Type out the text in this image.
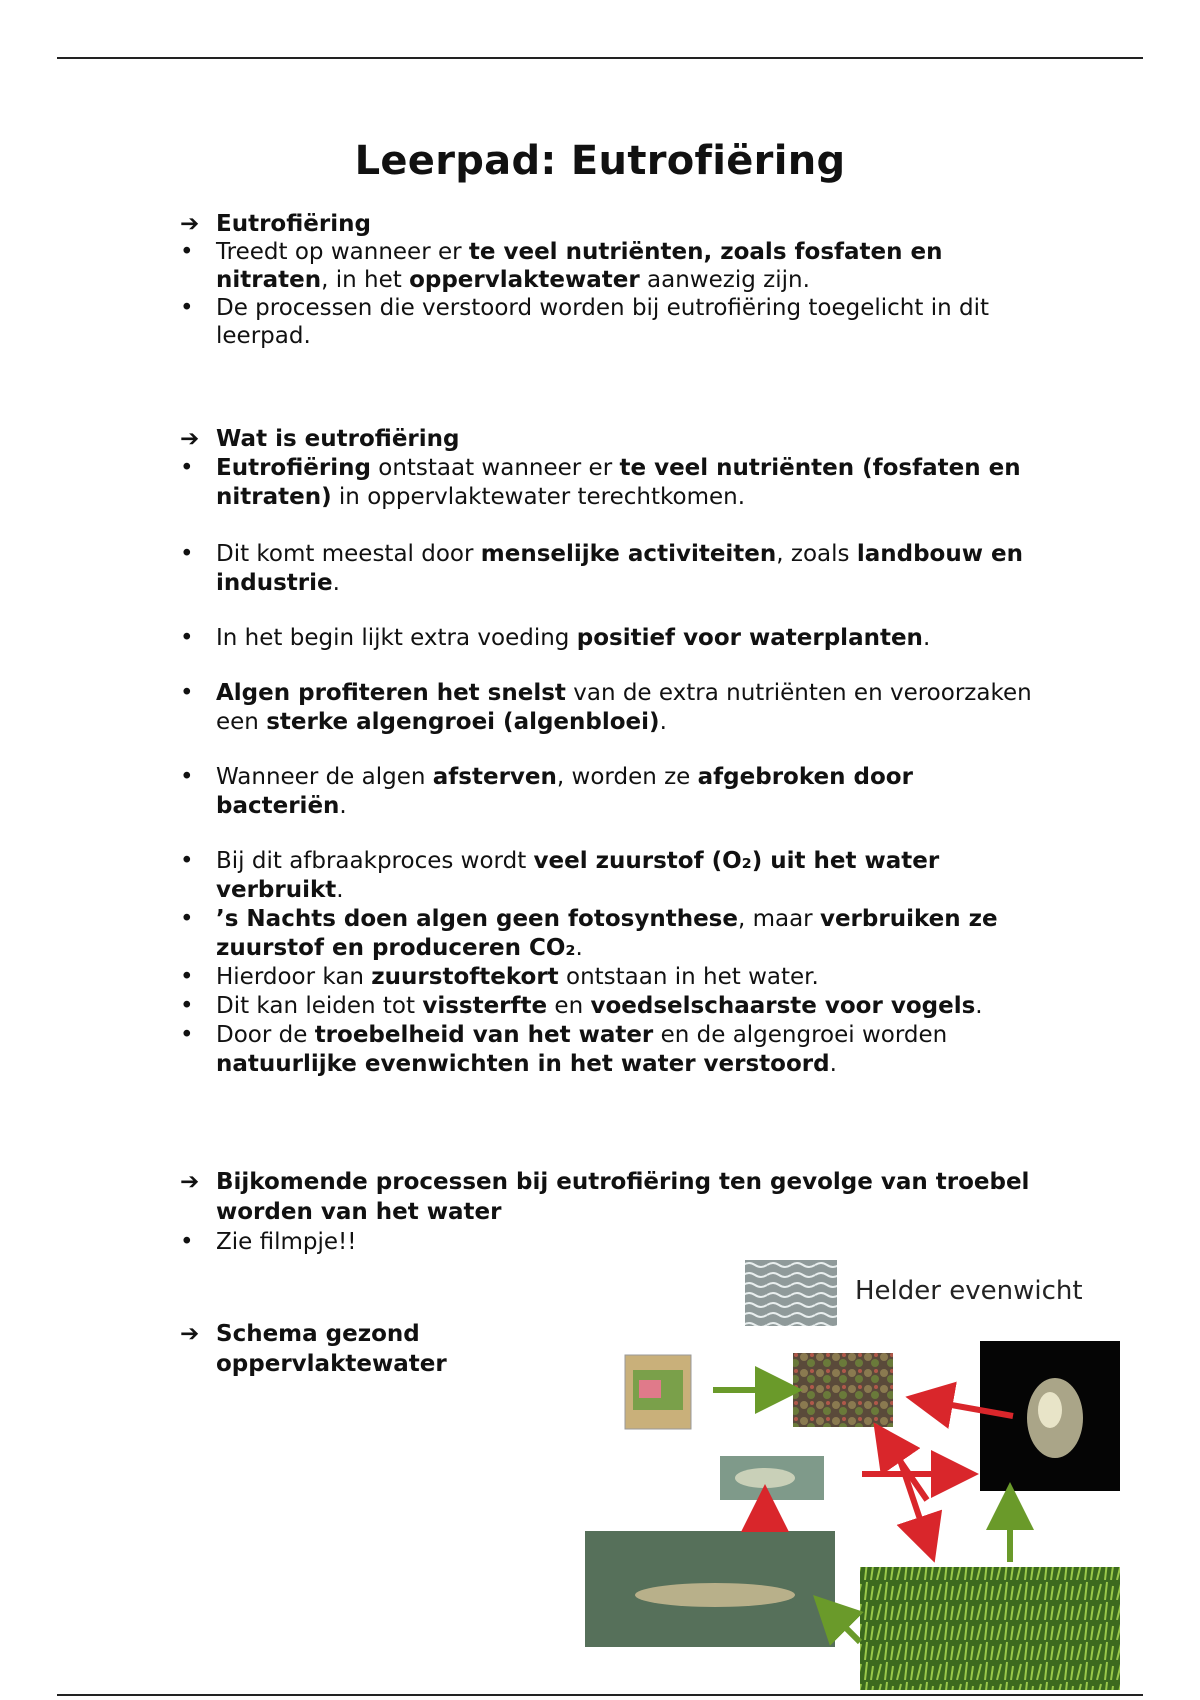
Leerpad: Eutrofiëring
➔ Eutrofiëring
• Treedt op wanneer er te veel nutriënten, zoals fosfaten en nitraten, in het oppervlaktewater aanwezig zijn.
• De processen die verstoord worden bij eutrofiëring toegelicht in dit leerpad.
➔ Wat is eutrofiëring
• Eutrofiëring ontstaat wanneer er te veel nutriënten (fosfaten en nitraten) in oppervlaktewater terechtkomen.
• Dit komt meestal door menselijke activiteiten, zoals landbouw en industrie.
• In het begin lijkt extra voeding positief voor waterplanten.
• Algen profiteren het snelst van de extra nutriënten en veroorzaken een sterke algengroei (algenbloei).
• Wanneer de algen afsterven, worden ze afgebroken door bacteriën.
• Bij dit afbraakproces wordt veel zuurstof (O₂) uit het water verbruikt.
• ’s Nachts doen algen geen fotosynthese, maar verbruiken ze zuurstof en produceren CO₂.
• Hierdoor kan zuurstoftekort ontstaan in het water.
• Dit kan leiden tot vissterfte en voedselschaarste voor vogels.
• Door de troebelheid van het water en de algengroei worden natuurlijke evenwichten in het water verstoord.
➔ Bijkomende processen bij eutrofiëring ten gevolge van troebel worden van het water
• Zie filmpje!!
➔ Schema gezond oppervlaktewater
Helder evenwicht
